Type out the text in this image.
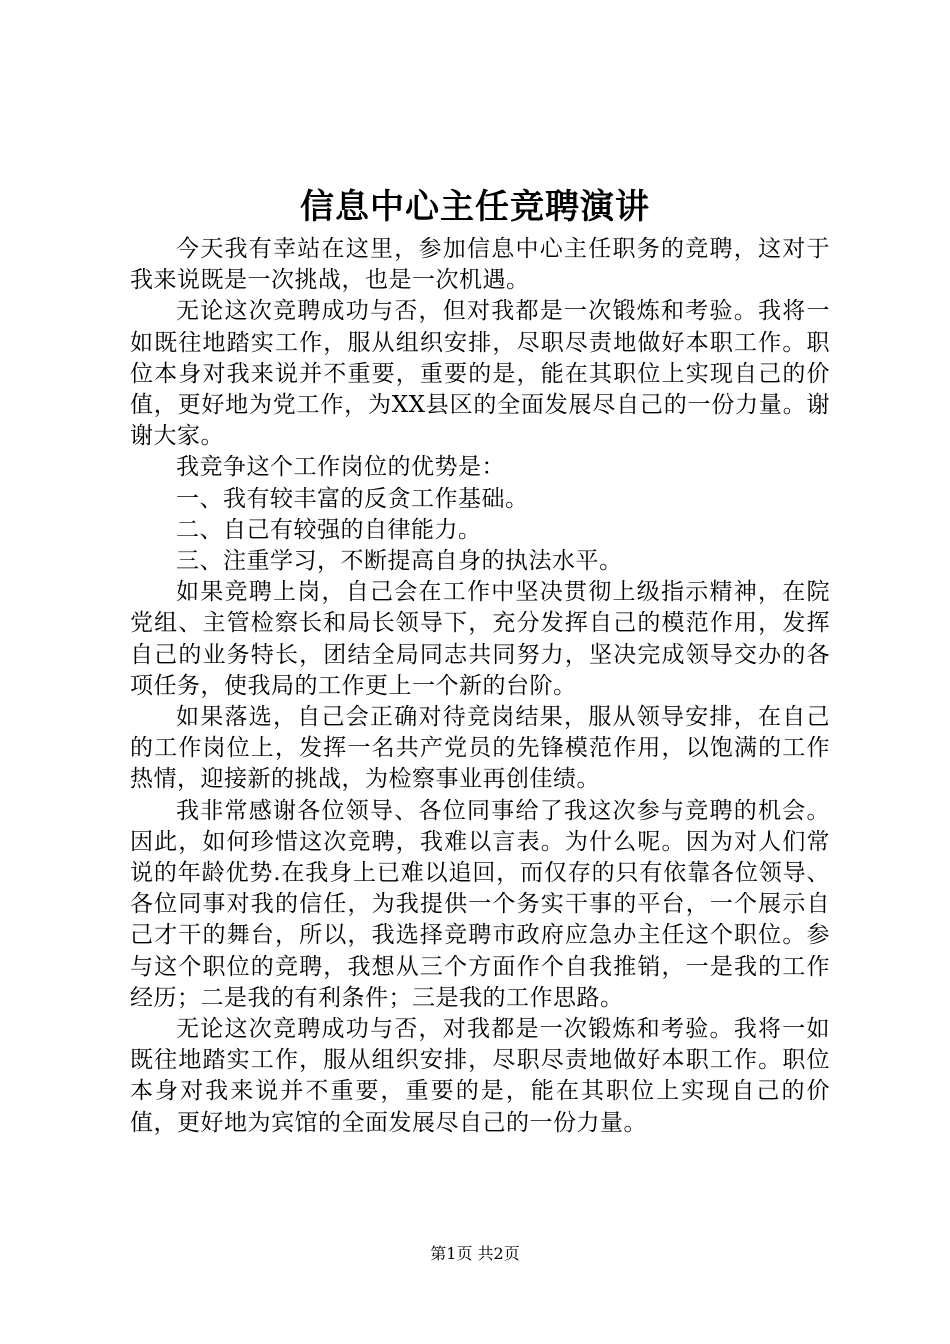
信息中心主任竞聘演讲

今天我有幸站在这里，参加信息中心主任职务的竞聘，这对于我来说既是一次挑战，也是一次机遇。

无论这次竞聘成功与否，但对我都是一次锻炼和考验。我将一如既往地踏实工作，服从组织安排，尽职尽责地做好本职工作。职位本身对我来说并不重要，重要的是，能在其职位上实现自己的价值，更好地为党工作，为XX县区的全面发展尽自己的一份力量。谢谢大家。

我竞争这个工作岗位的优势是：

一、我有较丰富的反贪工作基础。

二、自己有较强的自律能力。

三、注重学习，不断提高自身的执法水平。

如果竞聘上岗，自己会在工作中坚决贯彻上级指示精神，在院党组、主管检察长和局长领导下，充分发挥自己的模范作用，发挥自己的业务特长，团结全局同志共同努力，坚决完成领导交办的各项任务，使我局的工作更上一个新的台阶。

如果落选，自己会正确对待竞岗结果，服从领导安排，在自己的工作岗位上，发挥一名共产党员的先锋模范作用，以饱满的工作热情，迎接新的挑战，为检察事业再创佳绩。

我非常感谢各位领导、各位同事给了我这次参与竞聘的机会。因此，如何珍惜这次竞聘，我难以言表。为什么呢。因为对人们常说的年龄优势.在我身上已难以追回，而仅存的只有依靠各位领导、各位同事对我的信任，为我提供一个务实干事的平台，一个展示自己才干的舞台，所以，我选择竞聘市政府应急办主任这个职位。参与这个职位的竞聘，我想从三个方面作个自我推销，一是我的工作经历；二是我的有利条件；三是我的工作思路。

无论这次竞聘成功与否，对我都是一次锻炼和考验。我将一如既往地踏实工作，服从组织安排，尽职尽责地做好本职工作。职位本身对我来说并不重要，重要的是，能在其职位上实现自己的价值，更好地为宾馆的全面发展尽自己的一份力量。

第1页 共2页
